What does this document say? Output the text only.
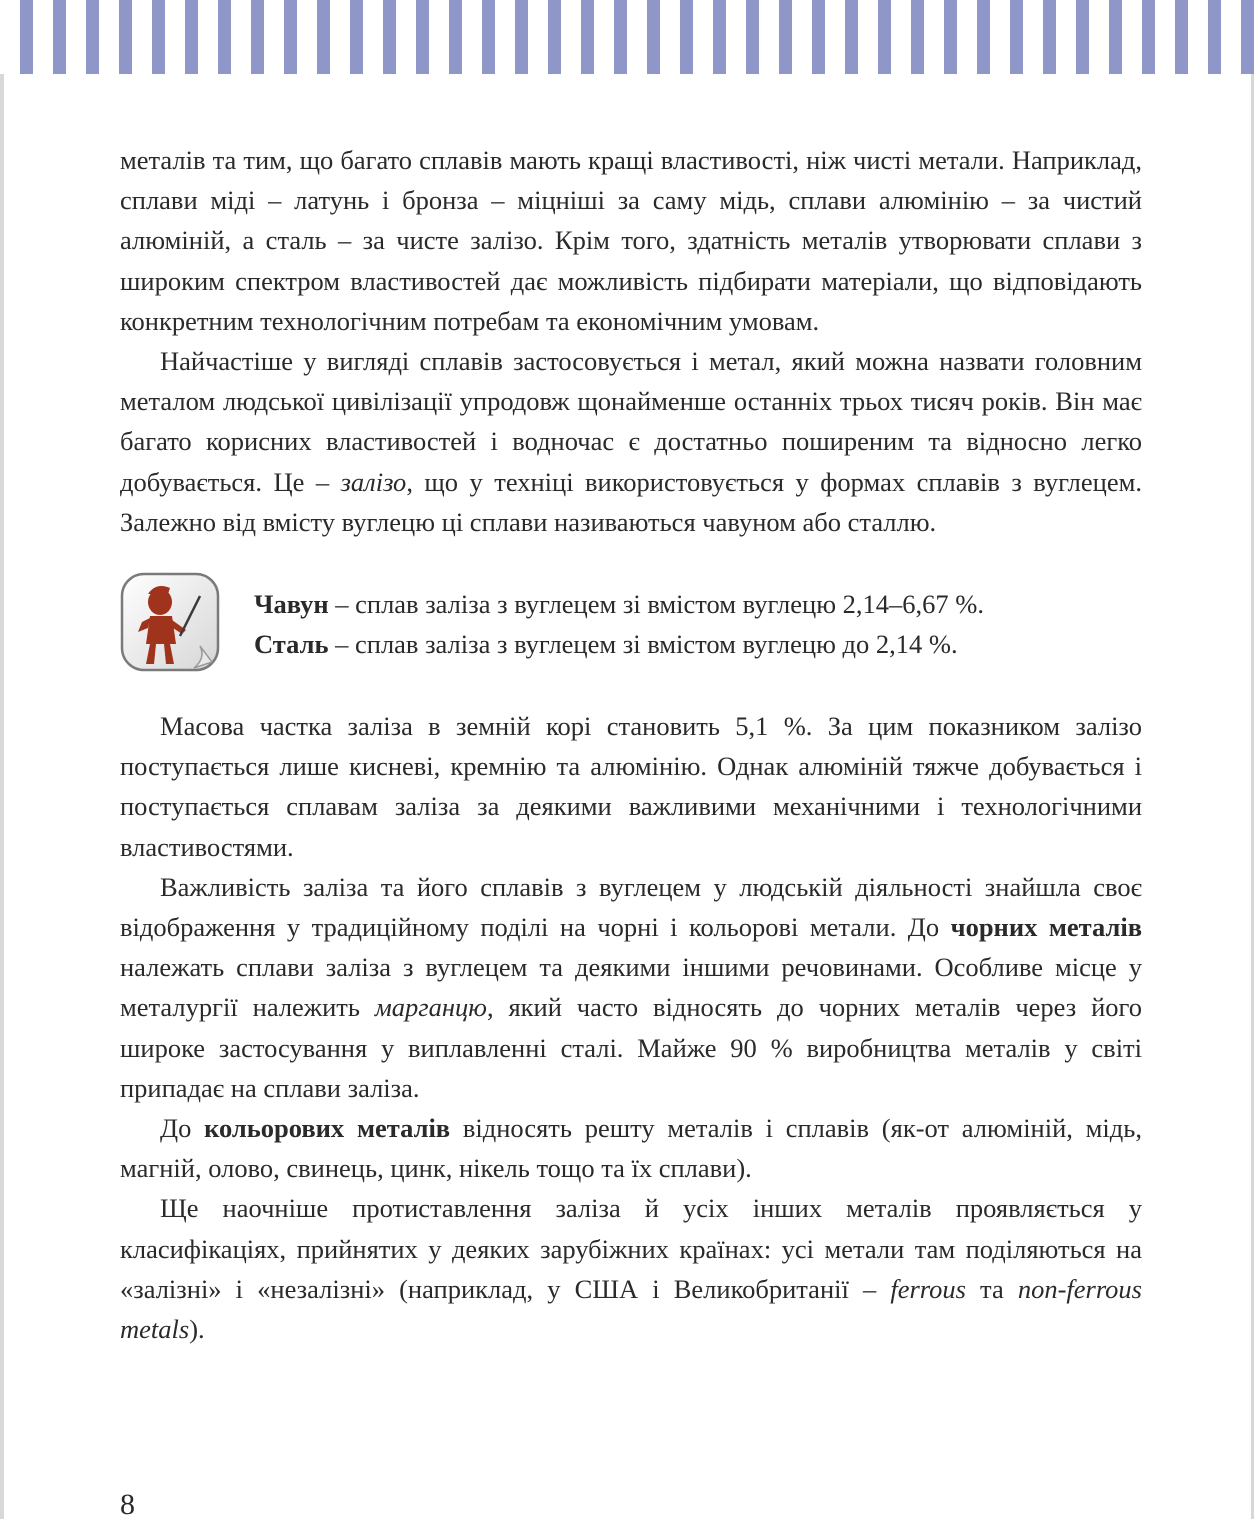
металів та тим, що багато сплавів мають кращі властивості, ніж чисті метали. Наприклад, сплави міді – латунь і бронза – міцніші за саму мідь, сплави алюмінію – за чистий алюміній, а сталь – за чисте залізо. Крім того, здатність металів утворювати сплави з широким спектром властивостей дає можливість підбирати матеріали, що відповідають конкретним технологічним потребам та економічним умовам.

Найчастіше у вигляді сплавів застосовується і метал, який можна назвати головним металом людської цивілізації упродовж щонайменше останніх трьох тисяч років. Він має багато корисних властивостей і водночас є достатньо поширеним та відносно легко добувається. Це – залізо, що у техніці використовується у формах сплавів з вуглецем. Залежно від вмісту вуглецю ці сплави називаються чавуном або сталлю.

Чавун – сплав заліза з вуглецем зі вмістом вуглецю 2,14–6,67 %.
Сталь – сплав заліза з вуглецем зі вмістом вуглецю до 2,14 %.

Масова частка заліза в земній корі становить 5,1 %. За цим показником залізо поступається лише кисневі, кремнію та алюмінію. Однак алюміній тяжче добувається і поступається сплавам заліза за деякими важливими механічними і технологічними властивостями.

Важливість заліза та його сплавів з вуглецем у людській діяльності знайшла своє відображення у традиційному поділі на чорні і кольорові метали. До чорних металів належать сплави заліза з вуглецем та деякими іншими речовинами. Особливе місце у металургії належить марганцю, який часто відносять до чорних металів через його широке застосування у виплавленні сталі. Майже 90 % виробництва металів у світі припадає на сплави заліза.

До кольорових металів відносять решту металів і сплавів (як-от алюміній, мідь, магній, олово, свинець, цинк, нікель тощо та їх сплави).

Ще наочніше протиставлення заліза й усіх інших металів проявляється у класифікаціях, прийнятих у деяких зарубіжних країнах: усі метали там поділяються на «залізні» і «незалізні» (наприклад, у США і Великобританії – ferrous та non-ferrous metals).

8
